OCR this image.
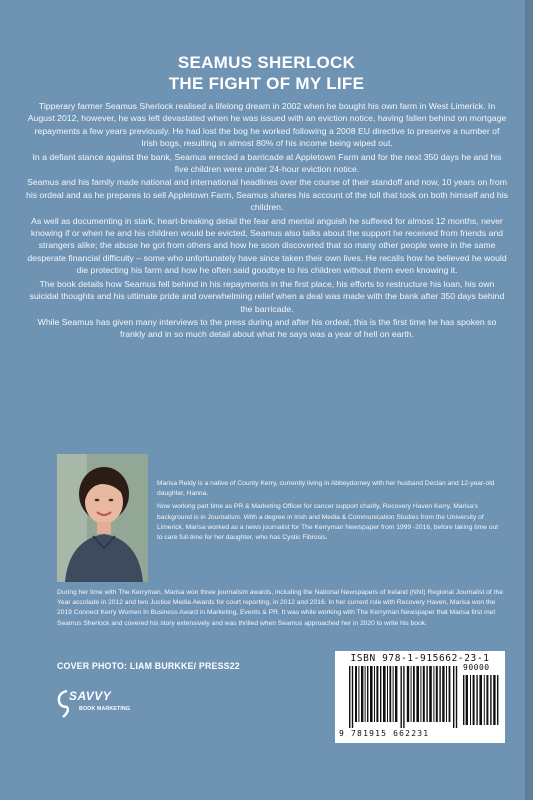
SEAMUS SHERLOCK
THE FIGHT OF MY LIFE

Tipperary farmer Seamus Sherlock realised a lifelong dream in 2002 when he bought his own farm in West Limerick. In August 2012, however, he was left devastated when he was issued with an eviction notice, having fallen behind on mortgage repayments a few years previously. He had lost the bog he worked following a 2008 EU directive to preserve a number of Irish bogs, resulting in almost 80% of his income being wiped out.

In a defiant stance against the bank, Seamus erected a barricade at Appletown Farm and for the next 350 days he and his five children were under 24-hour eviction notice.

Seamus and his family made national and international headlines over the course of their standoff and now, 10 years on from his ordeal and as he prepares to sell Appletown Farm, Seamus shares his account of the toll that took on both himself and his children.

As well as documenting in stark, heart-breaking detail the fear and mental anguish he suffered for almost 12 months, never knowing if or when he and his children would be evicted, Seamus also talks about the support he received from friends and strangers alike; the abuse he got from others and how he soon discovered that so many other people were in the same desperate financial difficulty – some who unfortunately have since taken their own lives. He recalls how he believed he would die protecting his farm and how he often said goodbye to his children without them even knowing it.

The book details how Seamus fell behind in his repayments in the first place, his efforts to restructure his loan, his own suicidal thoughts and his ultimate pride and overwhelming relief when a deal was made with the bank after 350 days behind the barricade.

While Seamus has given many interviews to the press during and after his ordeal, this is the first time he has spoken so frankly and in so much detail about what he says was a year of hell on earth.

Marisa Reidy is a native of County Kerry, currently living in Abbeydorney with her husband Declan and 12-year-old daughter, Hanna.

Now working part time as PR & Marketing Officer for cancer support charity, Recovery Haven Kerry, Marisa's background is in Journalism. With a degree in Irish and Media & Communication Studies from the University of Limerick, Marisa worked as a news journalist for The Kerryman Newspaper from 1999 -2016, before taking time out to care full-time for her daughter, who has Cystic Fibrosis.

During her time with The Kerryman, Marisa won three journalism awards, including the National Newspapers of Ireland (NNI) Regional Journalist of the Year accolade in 2012 and two Justice Media Awards for court reporting, in 2012 and 2016. In her current role with Recovery Haven, Marisa won the 2019 Connect Kerry Women In Business Award in Marketing, Events & PR. It was while working with The Kerryman Newspaper that Marisa first met Seamus Sherlock and covered his story extensively and was thrilled when Seamus approached her in 2020 to write his book.
COVER PHOTO: LIAM BURKKE/ PRESS22
SAVVY
BOOK MARKETING
ISBN 978-1-915662-23-1
9 781915 662231
90000
